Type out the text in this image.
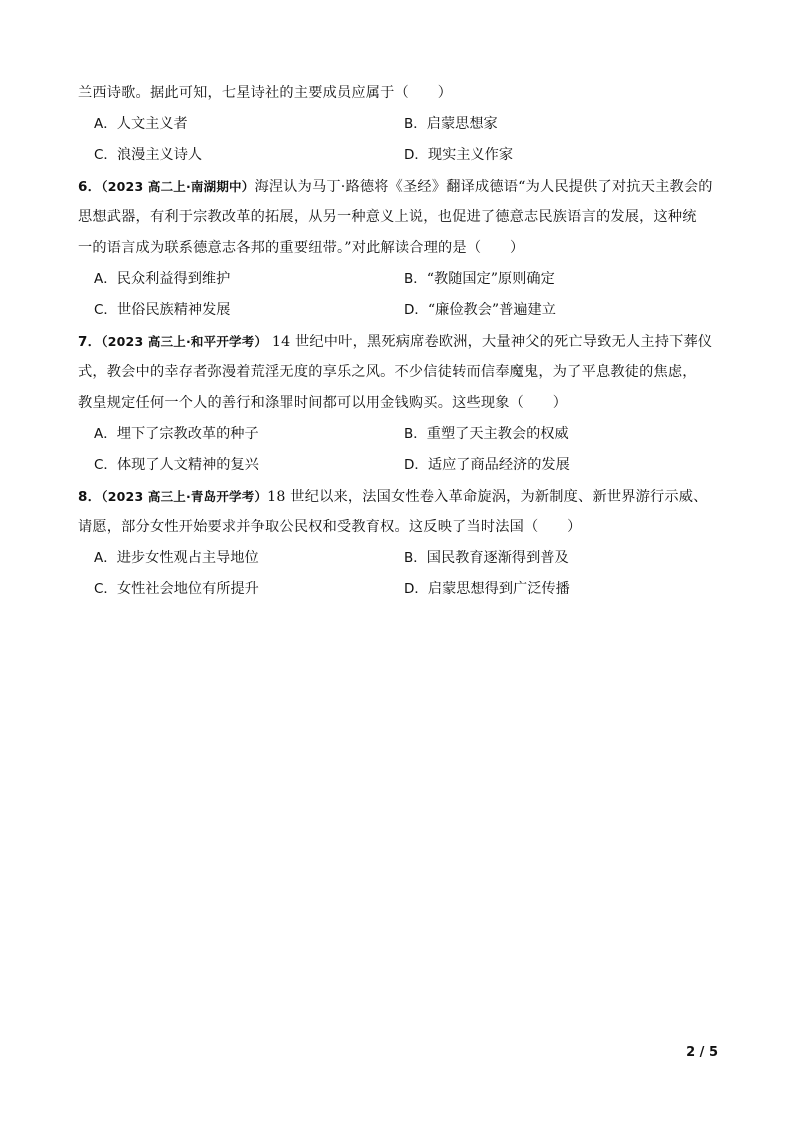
兰西诗歌。据此可知，七星诗社的主要成员应属于（　　）
A．人文主义者	B．启蒙思想家
C．浪漫主义诗人	D．现实主义作家
6．（2023 高二上·南湖期中）海涅认为马丁·路德将《圣经》翻译成德语“为人民提供了对抗天主教会的
思想武器，有利于宗教改革的拓展，从另一种意义上说，也促进了德意志民族语言的发展，这种统
一的语言成为联系德意志各邦的重要纽带。”对此解读合理的是（　　）
A．民众利益得到维护	B．“教随国定”原则确定
C．世俗民族精神发展	D．“廉俭教会”普遍建立
7．（2023 高三上·和平开学考） 14 世纪中叶，黑死病席卷欧洲，大量神父的死亡导致无人主持下葬仪
式，教会中的幸存者弥漫着荒淫无度的享乐之风。不少信徒转而信奉魔鬼，为了平息教徒的焦虑，
教皇规定任何一个人的善行和涤罪时间都可以用金钱购买。这些现象（　　）
A．埋下了宗教改革的种子	B．重塑了天主教会的权威
C．体现了人文精神的复兴	D．适应了商品经济的发展
8．（2023 高三上·青岛开学考）18 世纪以来，法国女性卷入革命旋涡，为新制度、新世界游行示威、
请愿，部分女性开始要求并争取公民权和受教育权。这反映了当时法国（　　）
A．进步女性观占主导地位	B．国民教育逐渐得到普及
C．女性社会地位有所提升	D．启蒙思想得到广泛传播
2 / 5
